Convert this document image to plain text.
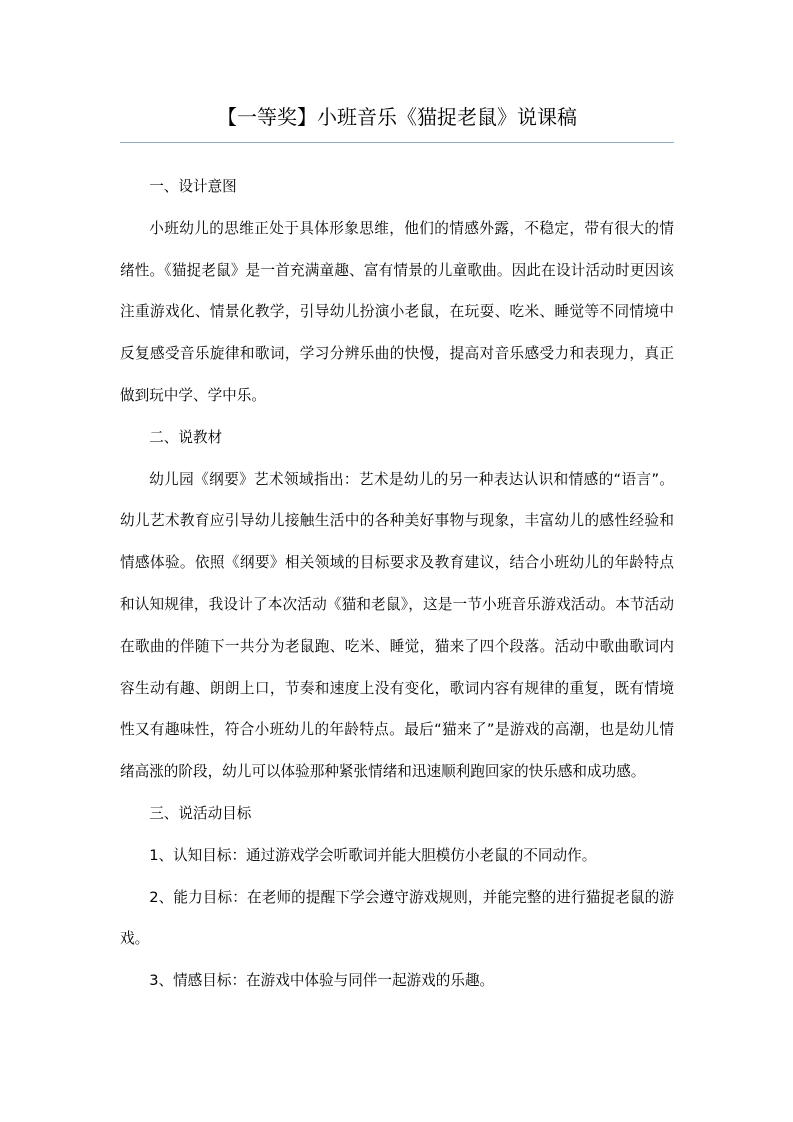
【一等奖】小班音乐《猫捉老鼠》说课稿

一、设计意图

小班幼儿的思维正处于具体形象思维，他们的情感外露，不稳定，带有很大的情绪性。《猫捉老鼠》是一首充满童趣、富有情景的儿童歌曲。因此在设计活动时更因该注重游戏化、情景化教学，引导幼儿扮演小老鼠，在玩耍、吃米、睡觉等不同情境中反复感受音乐旋律和歌词，学习分辨乐曲的快慢，提高对音乐感受力和表现力，真正做到玩中学、学中乐。

二、说教材

幼儿园《纲要》艺术领域指出：艺术是幼儿的另一种表达认识和情感的“语言”。幼儿艺术教育应引导幼儿接触生活中的各种美好事物与现象，丰富幼儿的感性经验和情感体验。依照《纲要》相关领域的目标要求及教育建议，结合小班幼儿的年龄特点和认知规律，我设计了本次活动《猫和老鼠》，这是一节小班音乐游戏活动。本节活动在歌曲的伴随下一共分为老鼠跑、吃米、睡觉，猫来了四个段落。活动中歌曲歌词内容生动有趣、朗朗上口，节奏和速度上没有变化，歌词内容有规律的重复，既有情境性又有趣味性，符合小班幼儿的年龄特点。最后“猫来了”是游戏的高潮，也是幼儿情绪高涨的阶段，幼儿可以体验那种紧张情绪和迅速顺利跑回家的快乐感和成功感。

三、说活动目标

1、认知目标：通过游戏学会听歌词并能大胆模仿小老鼠的不同动作。

2、能力目标：在老师的提醒下学会遵守游戏规则，并能完整的进行猫捉老鼠的游戏。

3、情感目标：在游戏中体验与同伴一起游戏的乐趣。
